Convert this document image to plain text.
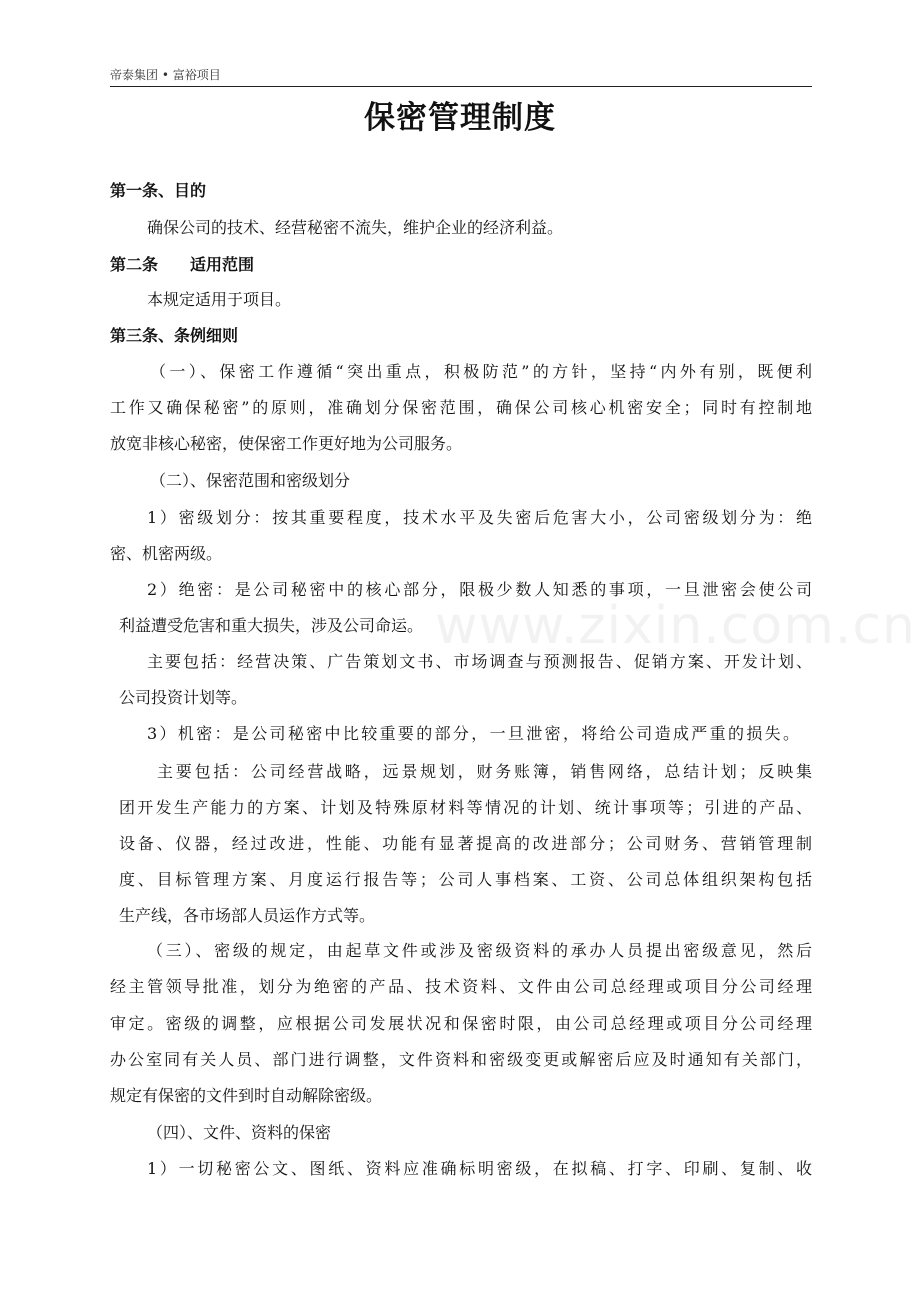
帝泰集团 • 富裕项目
保密管理制度
www.zixin.com.cn
第一条、目的
确保公司的技术、经营秘密不流失，维护企业的经济利益。
第二条　　适用范围
本规定适用于项目。
第三条、条例细则
（一）、保密工作遵循“突出重点，积极防范”的方针，坚持“内外有别，既便利
工作又确保秘密”的原则，准确划分保密范围，确保公司核心机密安全；同时有控制地
放宽非核心秘密，使保密工作更好地为公司服务。
（二）、保密范围和密级划分
1）密级划分：按其重要程度，技术水平及失密后危害大小，公司密级划分为：绝
密、机密两级。
2）绝密：是公司秘密中的核心部分，限极少数人知悉的事项，一旦泄密会使公司
利益遭受危害和重大损失，涉及公司命运。
主要包括：经营决策、广告策划文书、市场调查与预测报告、促销方案、开发计划、
公司投资计划等。
3）机密：是公司秘密中比较重要的部分，一旦泄密，将给公司造成严重的损失。
主要包括：公司经营战略，远景规划，财务账簿，销售网络，总结计划；反映集
团开发生产能力的方案、计划及特殊原材料等情况的计划、统计事项等；引进的产品、
设备、仪器，经过改进，性能、功能有显著提高的改进部分；公司财务、营销管理制
度、目标管理方案、月度运行报告等；公司人事档案、工资、公司总体组织架构包括
生产线，各市场部人员运作方式等。
（三）、密级的规定，由起草文件或涉及密级资料的承办人员提出密级意见，然后
经主管领导批准，划分为绝密的产品、技术资料、文件由公司总经理或项目分公司经理
审定。密级的调整，应根据公司发展状况和保密时限，由公司总经理或项目分公司经理
办公室同有关人员、部门进行调整，文件资料和密级变更或解密后应及时通知有关部门，
规定有保密的文件到时自动解除密级。
（四）、文件、资料的保密
1）一切秘密公文、图纸、资料应准确标明密级，在拟稿、打字、印刷、复制、收
